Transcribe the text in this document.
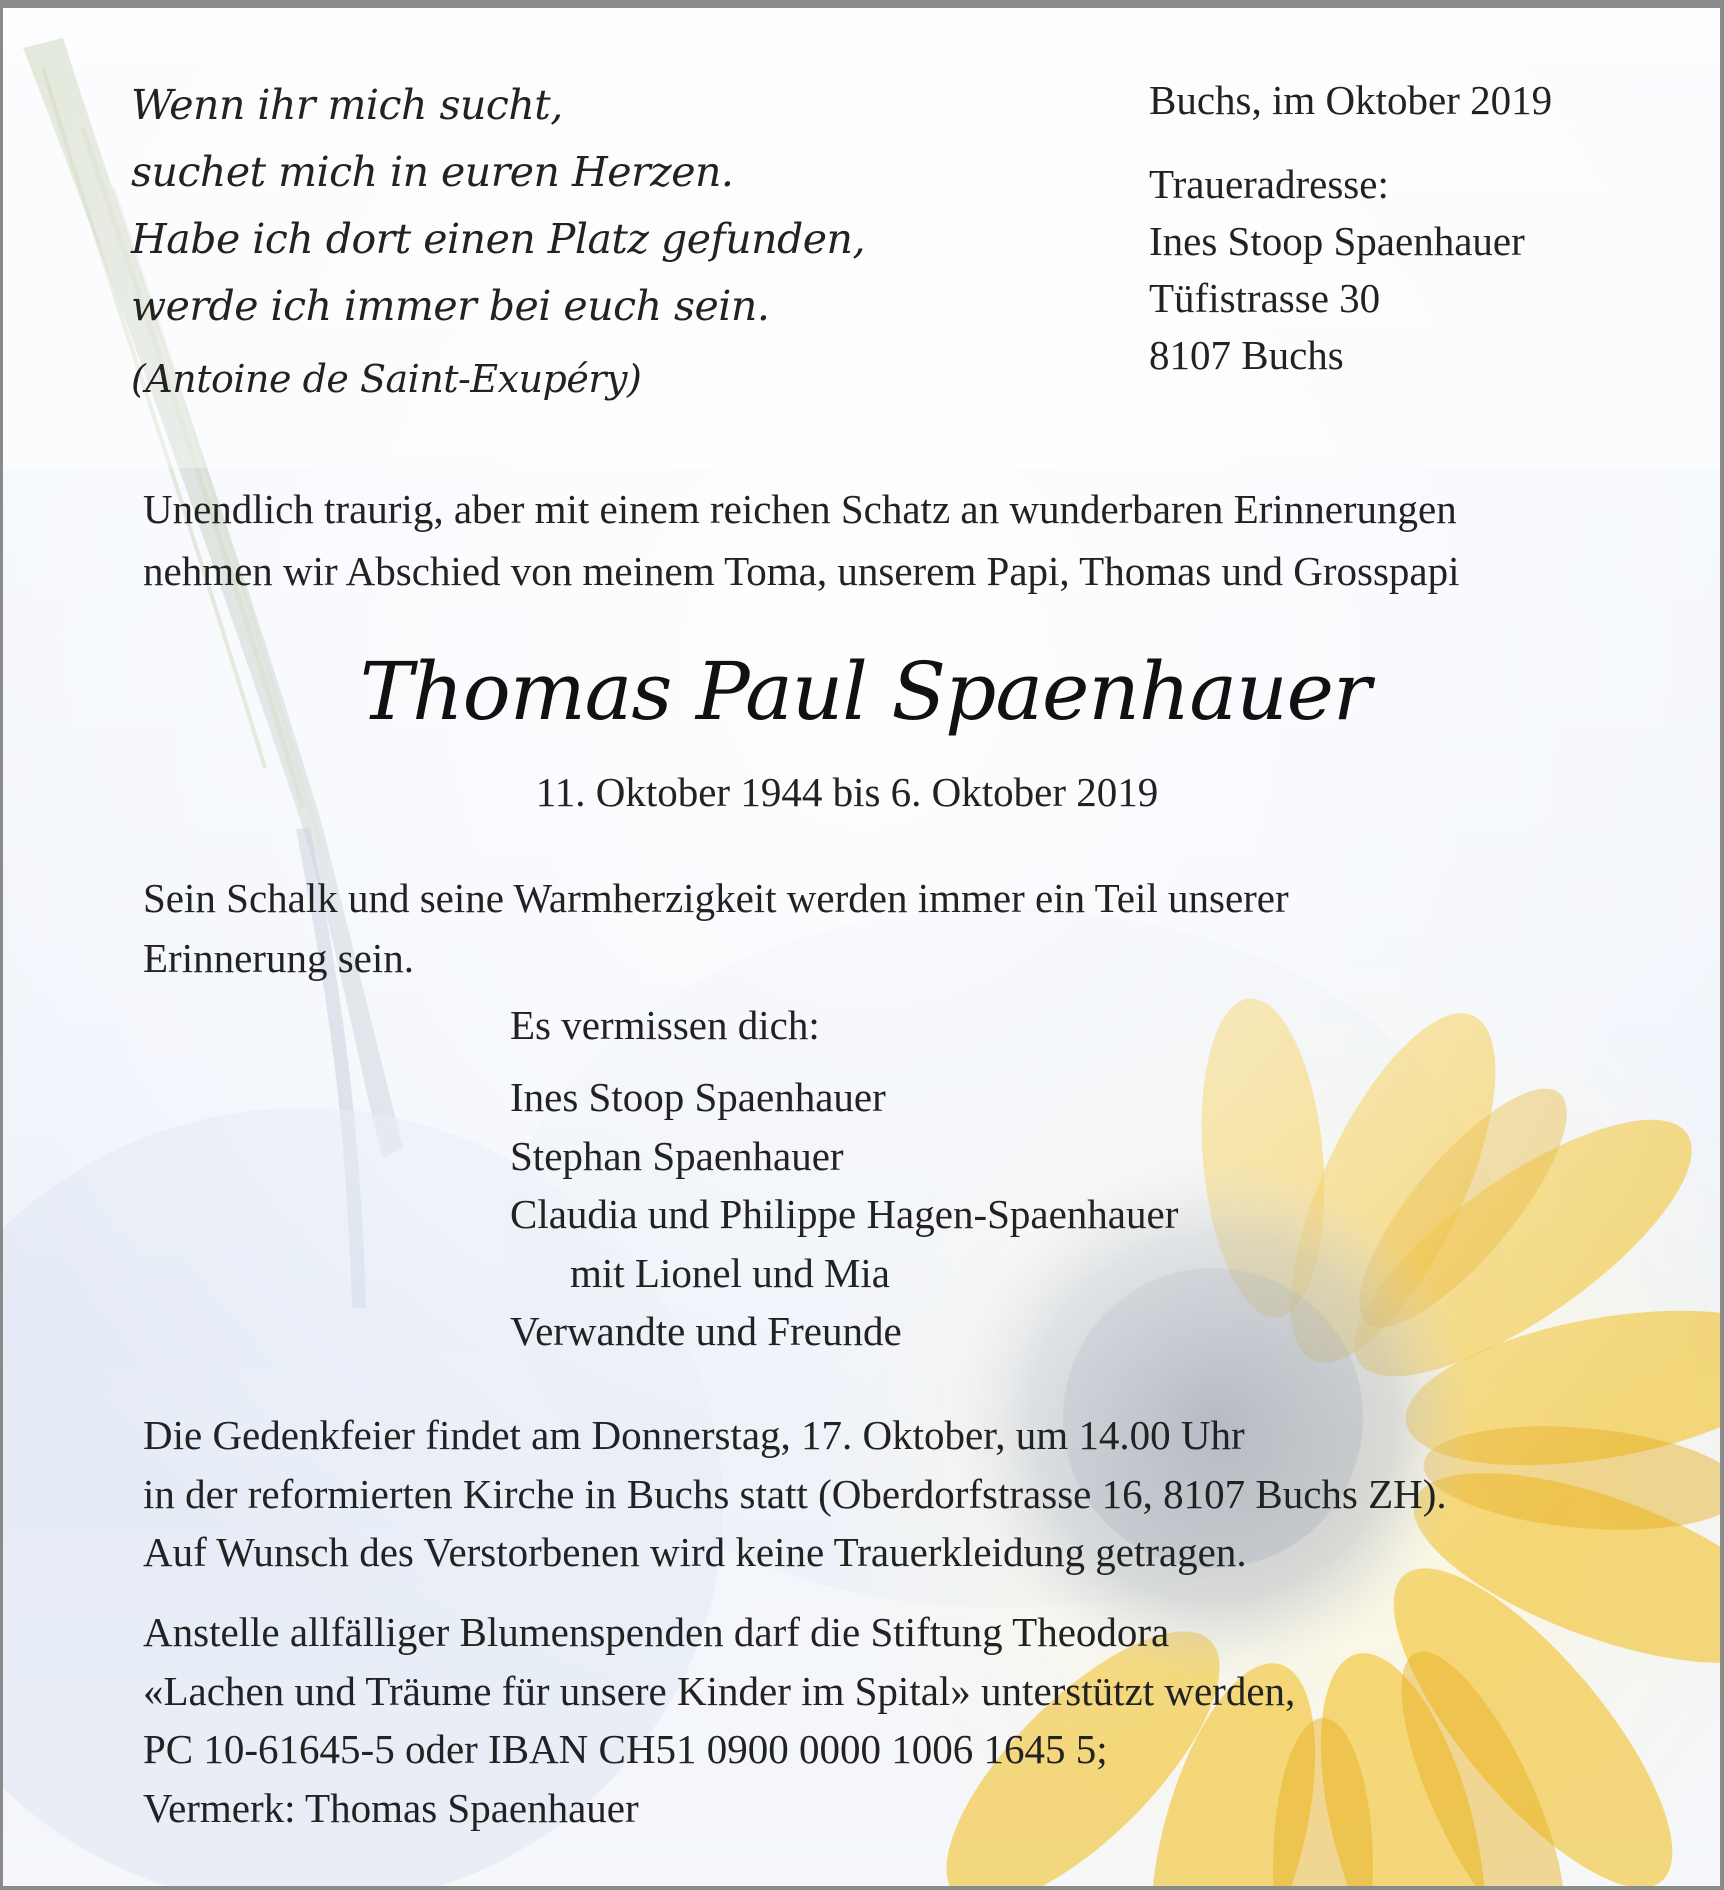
Wenn ihr mich sucht,
suchet mich in euren Herzen.
Habe ich dort einen Platz gefunden,
werde ich immer bei euch sein.
(Antoine de Saint-Exupéry)
Buchs, im Oktober 2019
Traueradresse:
Ines Stoop Spaenhauer
Tüfistrasse 30
8107 Buchs
Unendlich traurig, aber mit einem reichen Schatz an wunderbaren Erinnerungen
nehmen wir Abschied von meinem Toma, unserem Papi, Thomas und Grosspapi
Thomas Paul Spaenhauer
11. Oktober 1944 bis 6. Oktober 2019
Sein Schalk und seine Warmherzigkeit werden immer ein Teil unserer
Erinnerung sein.
Es vermissen dich:
Ines Stoop Spaenhauer
Stephan Spaenhauer
Claudia und Philippe Hagen-Spaenhauer
mit Lionel und Mia
Verwandte und Freunde
Die Gedenkfeier findet am Donnerstag, 17. Oktober, um 14.00 Uhr
in der reformierten Kirche in Buchs statt (Oberdorfstrasse 16, 8107 Buchs ZH).
Auf Wunsch des Verstorbenen wird keine Trauerkleidung getragen.
Anstelle allfälliger Blumenspenden darf die Stiftung Theodora
«Lachen und Träume für unsere Kinder im Spital» unterstützt werden,
PC 10-61645-5 oder IBAN CH51 0900 0000 1006 1645 5;
Vermerk: Thomas Spaenhauer
